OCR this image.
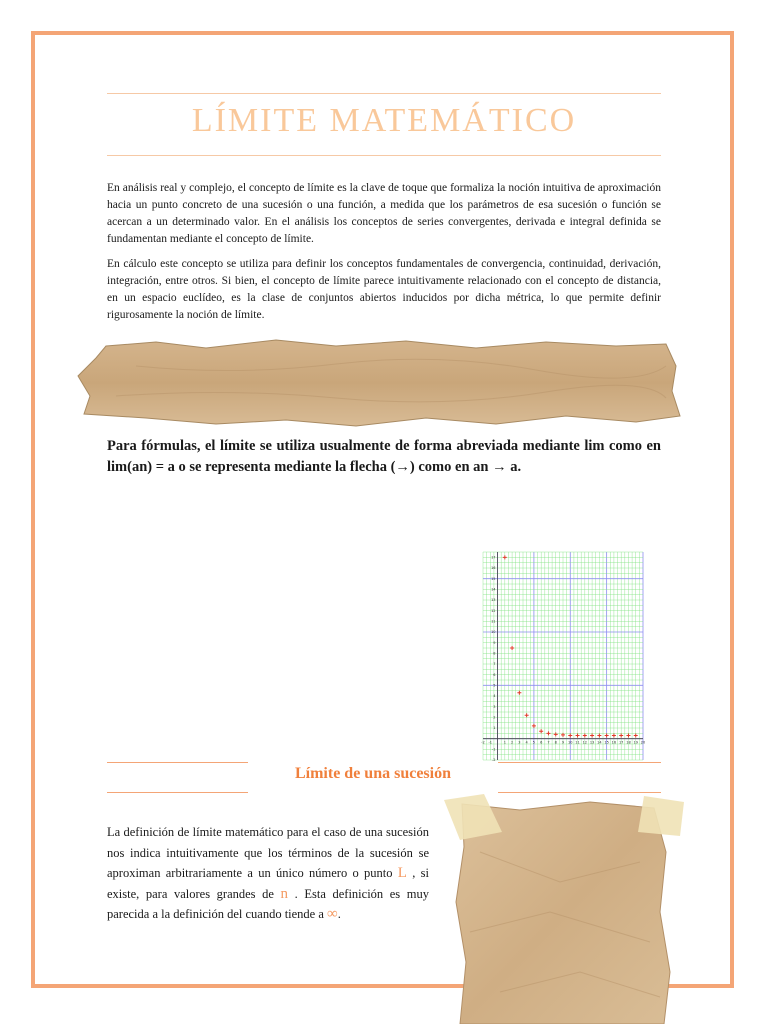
LÍMITE MATEMÁTICO

En análisis real y complejo, el concepto de límite es la clave de toque que formaliza la noción intuitiva de aproximación hacia un punto concreto de una sucesión o una función, a medida que los parámetros de esa sucesión o función se acercan a un determinado valor. En el análisis los conceptos de series convergentes, derivada e integral definida se fundamentan mediante el concepto de límite.

En cálculo este concepto se utiliza para definir los conceptos fundamentales de convergencia, continuidad, derivación, integración, entre otros. Si bien, el concepto de límite parece intuitivamente relacionado con el concepto de distancia, en un espacio euclídeo, es la clase de conjuntos abiertos inducidos por dicha métrica, lo que permite definir rigurosamente la noción de límite.

Para fórmulas, el límite se utiliza usualmente de forma abreviada mediante lim como en lim(an) = a o se representa mediante la flecha (→) como en an → a.

-2 -1	1 2 3 4 5 6 7 8 9 10 11 12 13 14 15 16 17 18 19 20
-2
-1
1
2
3
4
5
6
7
8
9
10
11
12
13
14
15
16
17
Límite de una sucesión

La definición de límite matemático para el caso de una sucesión nos indica intuitivamente que los términos de la sucesión se aproximan arbitrariamente a un único número o punto L , si existe, para valores grandes de n . Esta definición es muy parecida a la definición del cuando tiende a ∞.
